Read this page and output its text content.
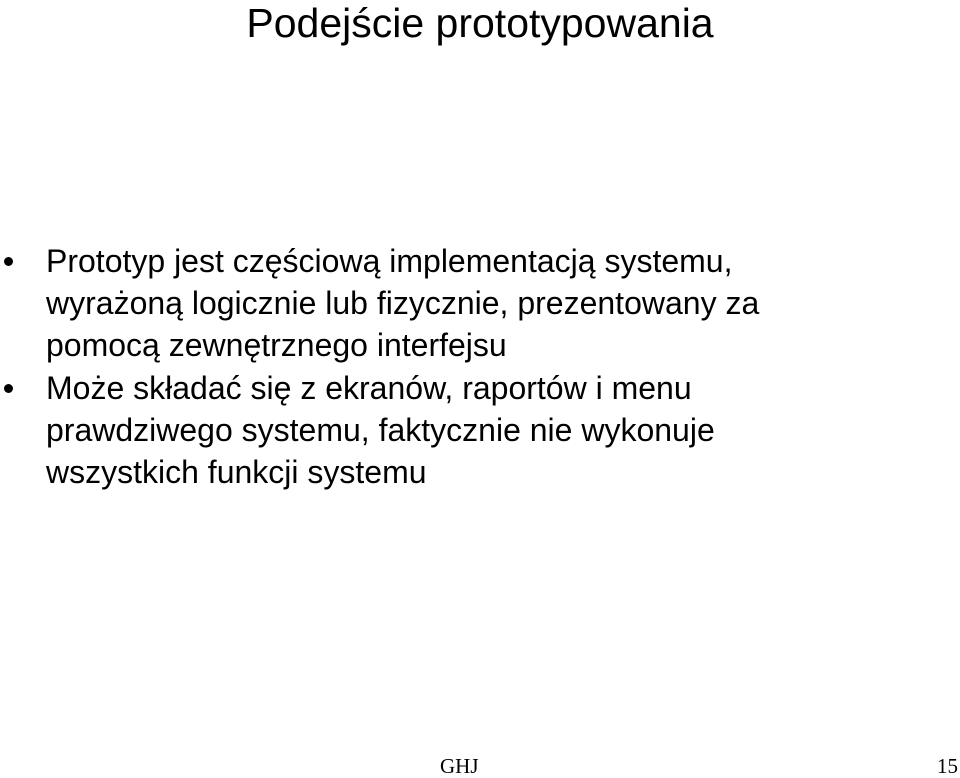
Podejście prototypowania
Prototyp jest częściową implementacją systemu,
wyrażoną logicznie lub fizycznie, prezentowany za
pomocą zewnętrznego interfejsu
Może składać się z ekranów, raportów i menu
prawdziwego systemu, faktycznie nie wykonuje
wszystkich funkcji systemu
GHJ	15
